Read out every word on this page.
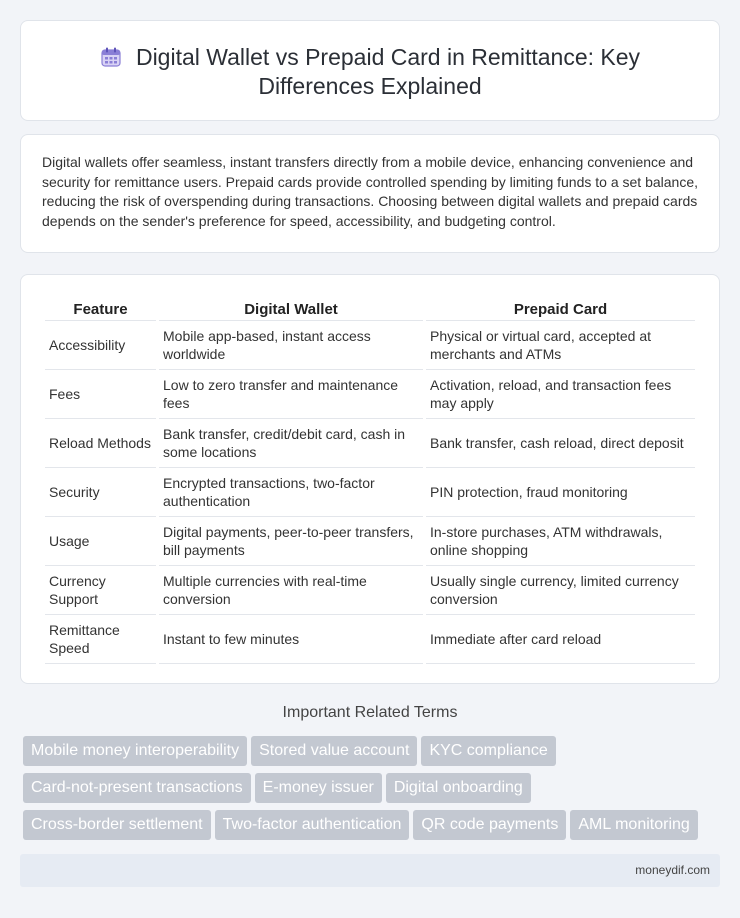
Digital Wallet vs Prepaid Card in Remittance: Key
Differences Explained

Digital wallets offer seamless, instant transfers directly from a mobile device, enhancing convenience and security for remittance users. Prepaid cards provide controlled spending by limiting funds to a set balance, reducing the risk of overspending during transactions. Choosing between digital wallets and prepaid cards depends on the sender's preference for speed, accessibility, and budgeting control.

Feature	Digital Wallet	Prepaid Card
Accessibility	Mobile app-based, instant access worldwide	Physical or virtual card, accepted at merchants and ATMs
Fees	Low to zero transfer and maintenance fees	Activation, reload, and transaction fees may apply
Reload Methods	Bank transfer, credit/debit card, cash in some locations	Bank transfer, cash reload, direct deposit
Security	Encrypted transactions, two-factor authentication	PIN protection, fraud monitoring
Usage	Digital payments, peer-to-peer transfers, bill payments	In-store purchases, ATM withdrawals, online shopping
Currency Support	Multiple currencies with real-time conversion	Usually single currency, limited currency conversion
Remittance Speed	Instant to few minutes	Immediate after card reload
Important Related Terms
Mobile money interoperability Stored value account KYC compliance
Card-not-present transactions E-money issuer Digital onboarding
Cross-border settlement Two-factor authentication QR code payments AML monitoring
moneydif.com
